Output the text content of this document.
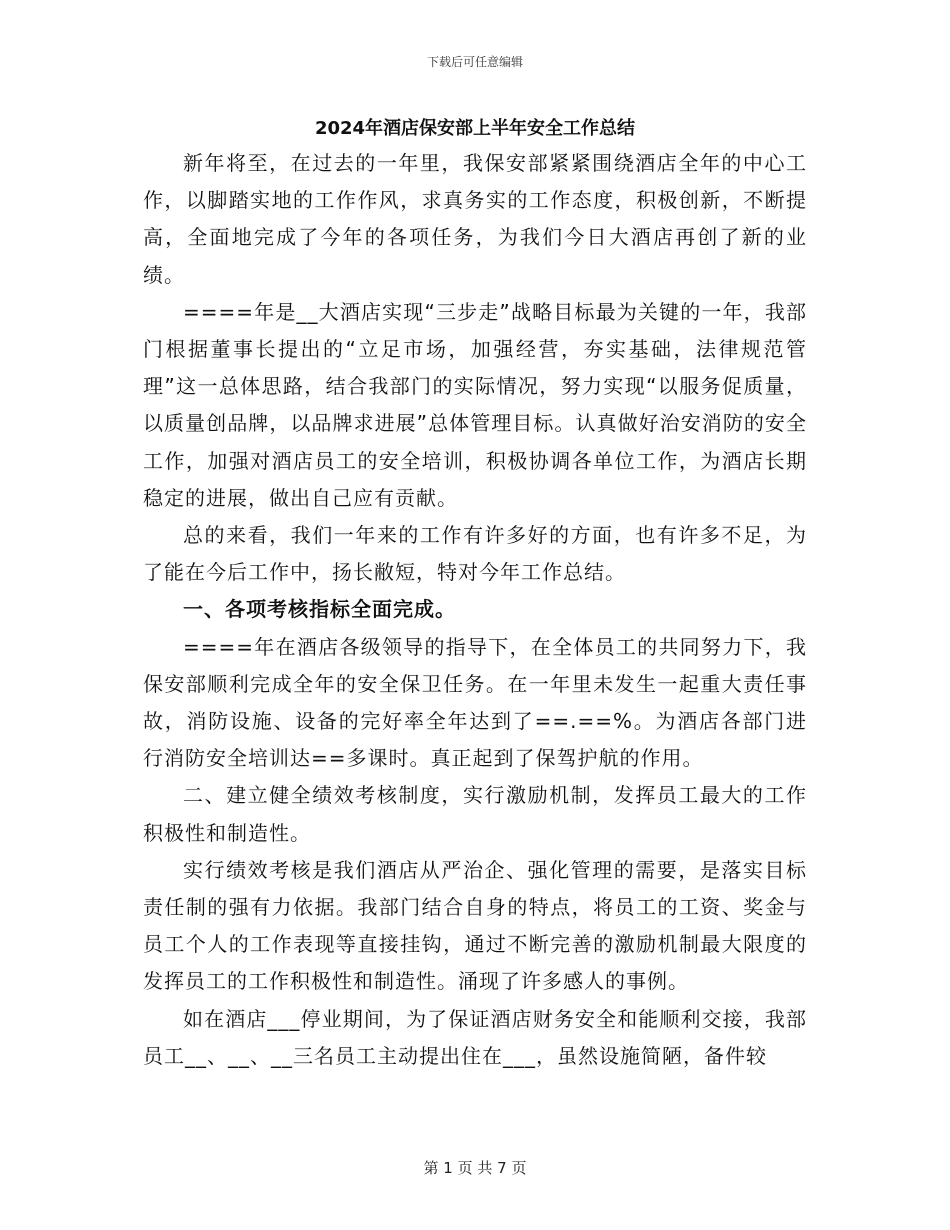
下载后可任意编辑
2024年酒店保安部上半年安全工作总结

新年将至，在过去的一年里，我保安部紧紧围绕酒店全年的中心工作，以脚踏实地的工作作风，求真务实的工作态度，积极创新，不断提高，全面地完成了今年的各项任务，为我们今日大酒店再创了新的业绩。

====年是__大酒店实现“三步走”战略目标最为关键的一年，我部门根据董事长提出的“立足市场，加强经营，夯实基础，法律规范管理”这一总体思路，结合我部门的实际情况，努力实现“以服务促质量，以质量创品牌，以品牌求进展”总体管理目标。认真做好治安消防的安全工作，加强对酒店员工的安全培训，积极协调各单位工作，为酒店长期稳定的进展，做出自己应有贡献。

总的来看，我们一年来的工作有许多好的方面，也有许多不足，为了能在今后工作中，扬长敝短，特对今年工作总结。

一、各项考核指标全面完成。

====年在酒店各级领导的指导下，在全体员工的共同努力下，我保安部顺利完成全年的安全保卫任务。在一年里未发生一起重大责任事故，消防设施、设备的完好率全年达到了==.==%。为酒店各部门进行消防安全培训达==多课时。真正起到了保驾护航的作用。

二、建立健全绩效考核制度，实行激励机制，发挥员工最大的工作积极性和制造性。

实行绩效考核是我们酒店从严治企、强化管理的需要，是落实目标责任制的强有力依据。我部门结合自身的特点，将员工的工资、奖金与员工个人的工作表现等直接挂钩，通过不断完善的激励机制最大限度的发挥员工的工作积极性和制造性。涌现了许多感人的事例。

如在酒店___停业期间，为了保证酒店财务安全和能顺利交接，我部员工__、__、__三名员工主动提出住在___，虽然设施简陋，备件较

第 1 页 共 7 页
